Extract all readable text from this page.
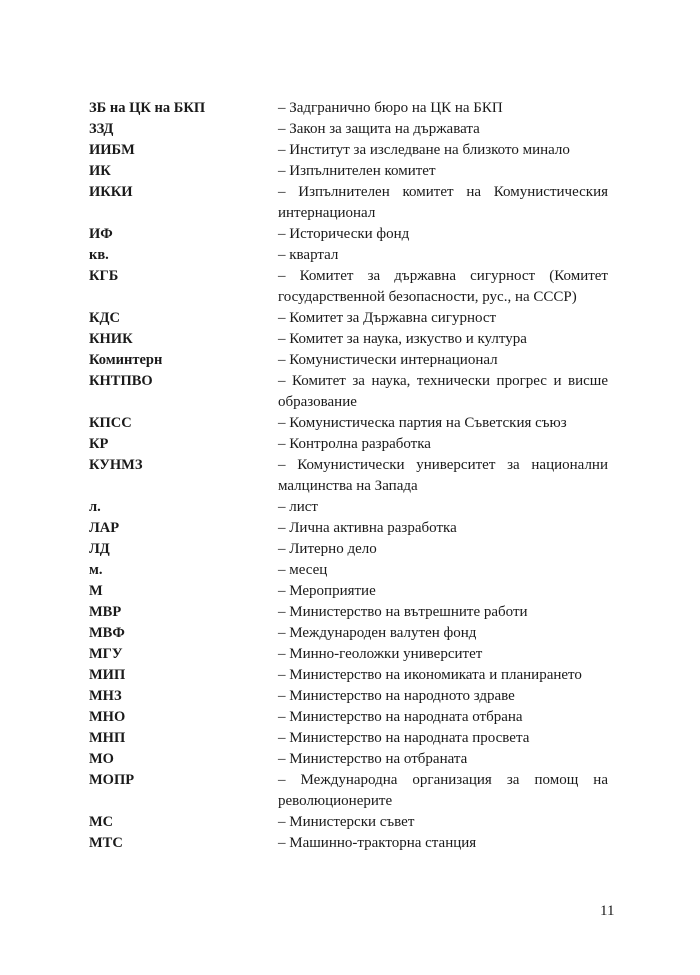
ЗБ на ЦК на БКП	– Задгранично бюро на ЦК на БКП
ЗЗД	– Закон за защита на държавата
ИИБМ	– Институт за изследване на близкото минало
ИК	– Изпълнителен комитет
ИККИ	– Изпълнителен комитет на Комунистическия интернационал
ИФ	– Исторически фонд
кв.	– квартал
КГБ	– Комитет за държавна сигурност (Комитет государственной безопасности, рус., на СССР)
КДС	– Комитет за Държавна сигурност
КНИК	– Комитет за наука, изкуство и култура
Коминтерн	– Комунистически интернационал
КНТПВО	– Комитет за наука, технически прогрес и висше образование
КПСС	– Комунистическа партия на Съветския съюз
КР	– Контролна разработка
КУНМЗ	– Комунистически университет за национални малцинства на Запада
л.	– лист
ЛАР	– Лична активна разработка
ЛД	– Литерно дело
м.	– месец
М	– Мероприятие
МВР	– Министерство на вътрешните работи
МВФ	– Международен валутен фонд
МГУ	– Минно-геоложки университет
МИП	– Министерство на икономиката и планирането
МНЗ	– Министерство на народното здраве
МНО	– Министерство на народната отбрана
МНП	– Министерство на народната просвета
МО	– Министерство на отбраната
МОПР	– Международна организация за помощ на революционерите
МС	– Министерски съвет
МТС	– Машинно-тракторна станция
11
